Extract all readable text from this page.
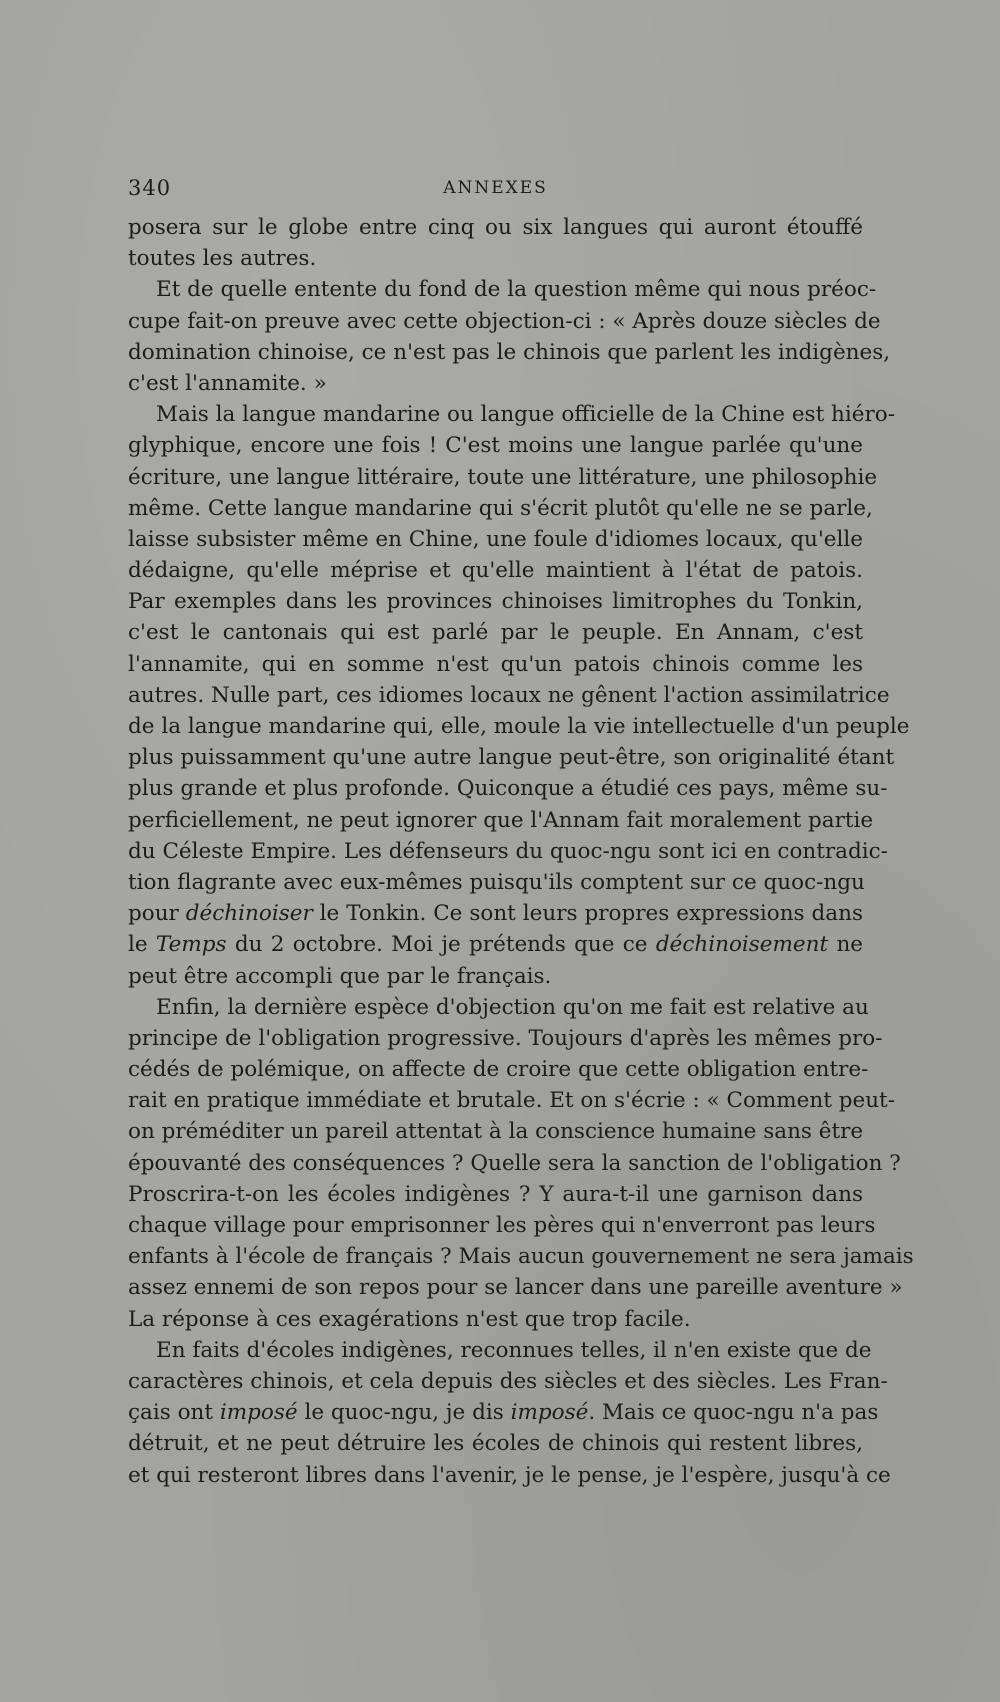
340	ANNEXES
posera sur le globe entre cinq ou six langues qui auront étouffé
toutes les autres.
Et de quelle entente du fond de la question même qui nous préoc-
cupe fait-on preuve avec cette objection-ci : « Après douze siècles de
domination chinoise, ce n'est pas le chinois que parlent les indigènes,
c'est l'annamite. »
Mais la langue mandarine ou langue officielle de la Chine est hiéro-
glyphique, encore une fois ! C'est moins une langue parlée qu'une
écriture, une langue littéraire, toute une littérature, une philosophie
même. Cette langue mandarine qui s'écrit plutôt qu'elle ne se parle,
laisse subsister même en Chine, une foule d'idiomes locaux, qu'elle
dédaigne, qu'elle méprise et qu'elle maintient à l'état de patois.
Par exemples dans les provinces chinoises limitrophes du Tonkin,
c'est le cantonais qui est parlé par le peuple. En Annam, c'est
l'annamite, qui en somme n'est qu'un patois chinois comme les
autres. Nulle part, ces idiomes locaux ne gênent l'action assimilatrice
de la langue mandarine qui, elle, moule la vie intellectuelle d'un peuple
plus puissamment qu'une autre langue peut-être, son originalité étant
plus grande et plus profonde. Quiconque a étudié ces pays, même su-
perficiellement, ne peut ignorer que l'Annam fait moralement partie
du Céleste Empire. Les défenseurs du quoc-ngu sont ici en contradic-
tion flagrante avec eux-mêmes puisqu'ils comptent sur ce quoc-ngu
pour déchinoiser le Tonkin. Ce sont leurs propres expressions dans
le Temps du 2 octobre. Moi je prétends que ce déchinoisement ne
peut être accompli que par le français.
Enfin, la dernière espèce d'objection qu'on me fait est relative au
principe de l'obligation progressive. Toujours d'après les mêmes pro-
cédés de polémique, on affecte de croire que cette obligation entre-
rait en pratique immédiate et brutale. Et on s'écrie : « Comment peut-
on préméditer un pareil attentat à la conscience humaine sans être
épouvanté des conséquences ? Quelle sera la sanction de l'obligation ?
Proscrira-t-on les écoles indigènes ? Y aura-t-il une garnison dans
chaque village pour emprisonner les pères qui n'enverront pas leurs
enfants à l'école de français ? Mais aucun gouvernement ne sera jamais
assez ennemi de son repos pour se lancer dans une pareille aventure »
La réponse à ces exagérations n'est que trop facile.
En faits d'écoles indigènes, reconnues telles, il n'en existe que de
caractères chinois, et cela depuis des siècles et des siècles. Les Fran-
çais ont imposé le quoc-ngu, je dis imposé. Mais ce quoc-ngu n'a pas
détruit, et ne peut détruire les écoles de chinois qui restent libres,
et qui resteront libres dans l'avenir, je le pense, je l'espère, jusqu'à ce
